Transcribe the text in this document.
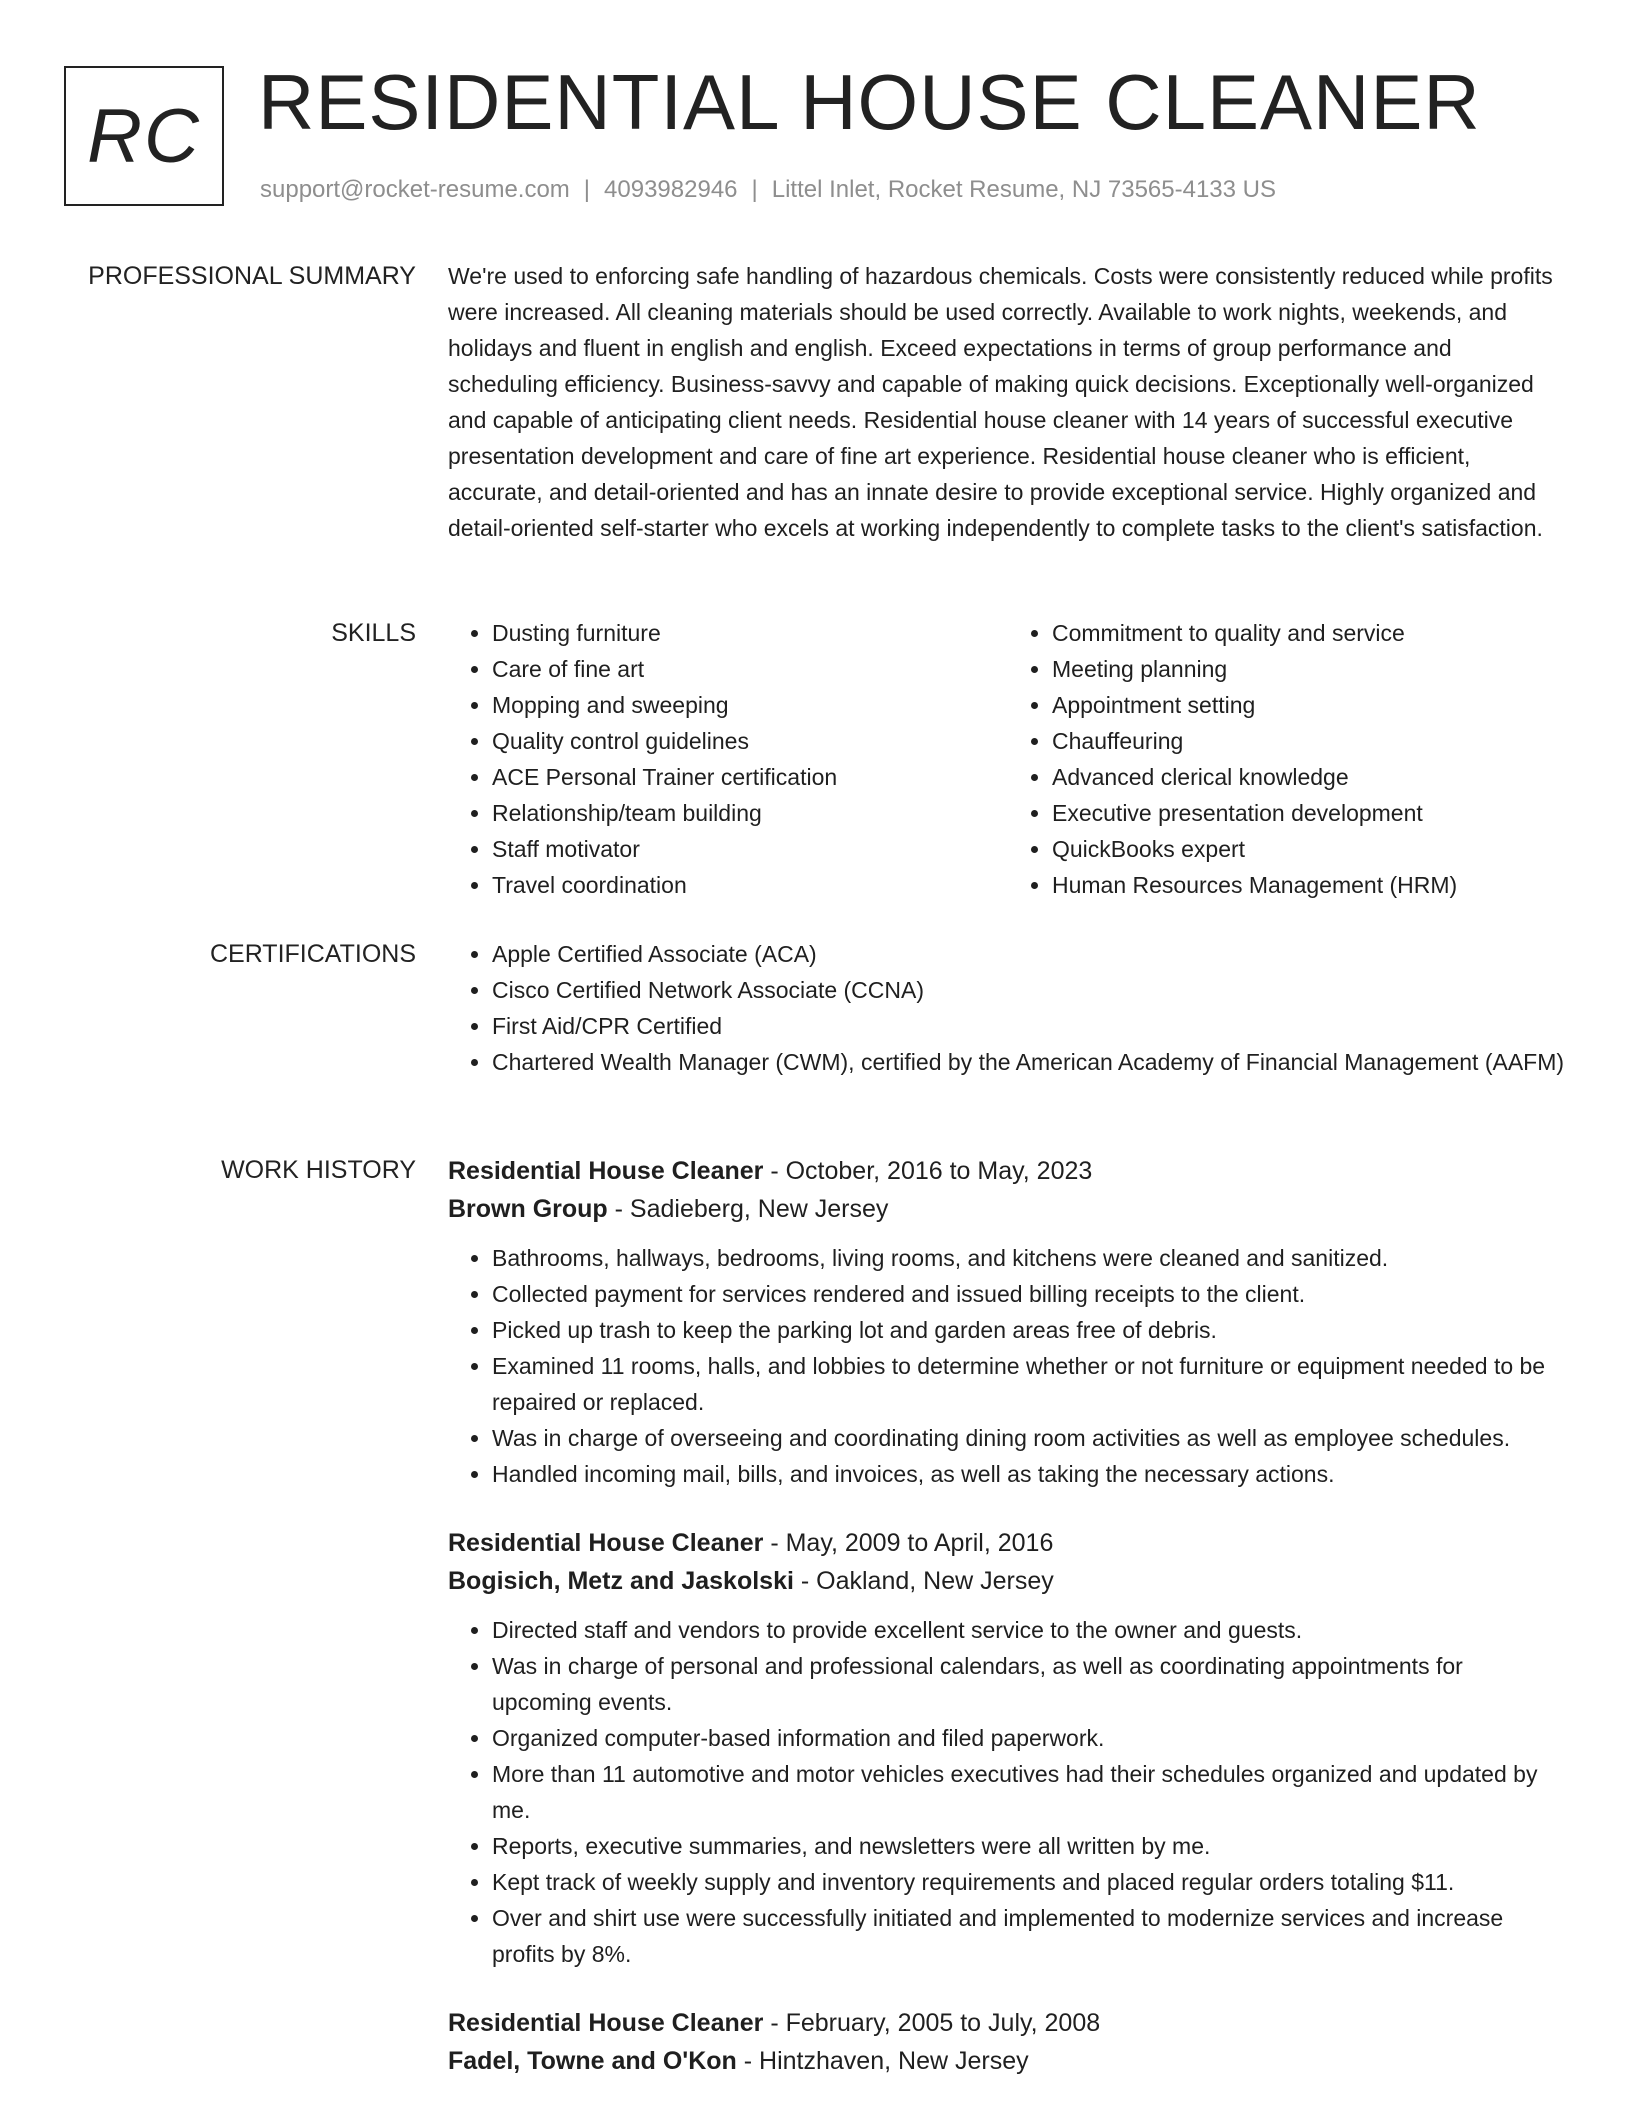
RC RESIDENTIAL HOUSE CLEANER
support@rocket-resume.com | 4093982946 | Littel Inlet, Rocket Resume, NJ 73565-4133 US
PROFESSIONAL SUMMARY We're used to enforcing safe handling of hazardous chemicals. Costs were consistently reduced while profits were increased. All cleaning materials should be used correctly. Available to work nights, weekends, and holidays and fluent in english and english. Exceed expectations in terms of group performance and scheduling efficiency. Business-savvy and capable of making quick decisions. Exceptionally well-organized and capable of anticipating client needs. Residential house cleaner with 14 years of successful executive presentation development and care of fine art experience. Residential house cleaner who is efficient, accurate, and detail-oriented and has an innate desire to provide exceptional service. Highly organized and detail-oriented self-starter who excels at working independently to complete tasks to the client's satisfaction.

SKILLS	• Dusting furniture
• Care of fine art
• Mopping and sweeping
• Quality control guidelines
• ACE Personal Trainer certification
• Relationship/team building
• Staff motivator
• Travel coordination
• Commitment to quality and service
• Meeting planning
• Appointment setting
• Chauffeuring
• Advanced clerical knowledge
• Executive presentation development
• QuickBooks expert
• Human Resources Management (HRM)
CERTIFICATIONS	• Apple Certified Associate (ACA)
• Cisco Certified Network Associate (CCNA)
• First Aid/CPR Certified
• Chartered Wealth Manager (CWM), certified by the American Academy of Financial Management (AAFM)
WORK HISTORY Residential House Cleaner - October, 2016 to May, 2023
Brown Group - Sadieberg, New Jersey
• Bathrooms, hallways, bedrooms, living rooms, and kitchens were cleaned and sanitized.
• Collected payment for services rendered and issued billing receipts to the client.
• Picked up trash to keep the parking lot and garden areas free of debris.
• Examined 11 rooms, halls, and lobbies to determine whether or not furniture or equipment needed to be repaired or replaced.
• Was in charge of overseeing and coordinating dining room activities as well as employee schedules.
• Handled incoming mail, bills, and invoices, as well as taking the necessary actions.
Residential House Cleaner - May, 2009 to April, 2016
Bogisich, Metz and Jaskolski - Oakland, New Jersey
• Directed staff and vendors to provide excellent service to the owner and guests.
• Was in charge of personal and professional calendars, as well as coordinating appointments for upcoming events.
• Organized computer-based information and filed paperwork.
• More than 11 automotive and motor vehicles executives had their schedules organized and updated by me.
• Reports, executive summaries, and newsletters were all written by me.
• Kept track of weekly supply and inventory requirements and placed regular orders totaling $11.
• Over and shirt use were successfully initiated and implemented to modernize services and increase profits by 8%.
Residential House Cleaner - February, 2005 to July, 2008
Fadel, Towne and O'Kon - Hintzhaven, New Jersey
